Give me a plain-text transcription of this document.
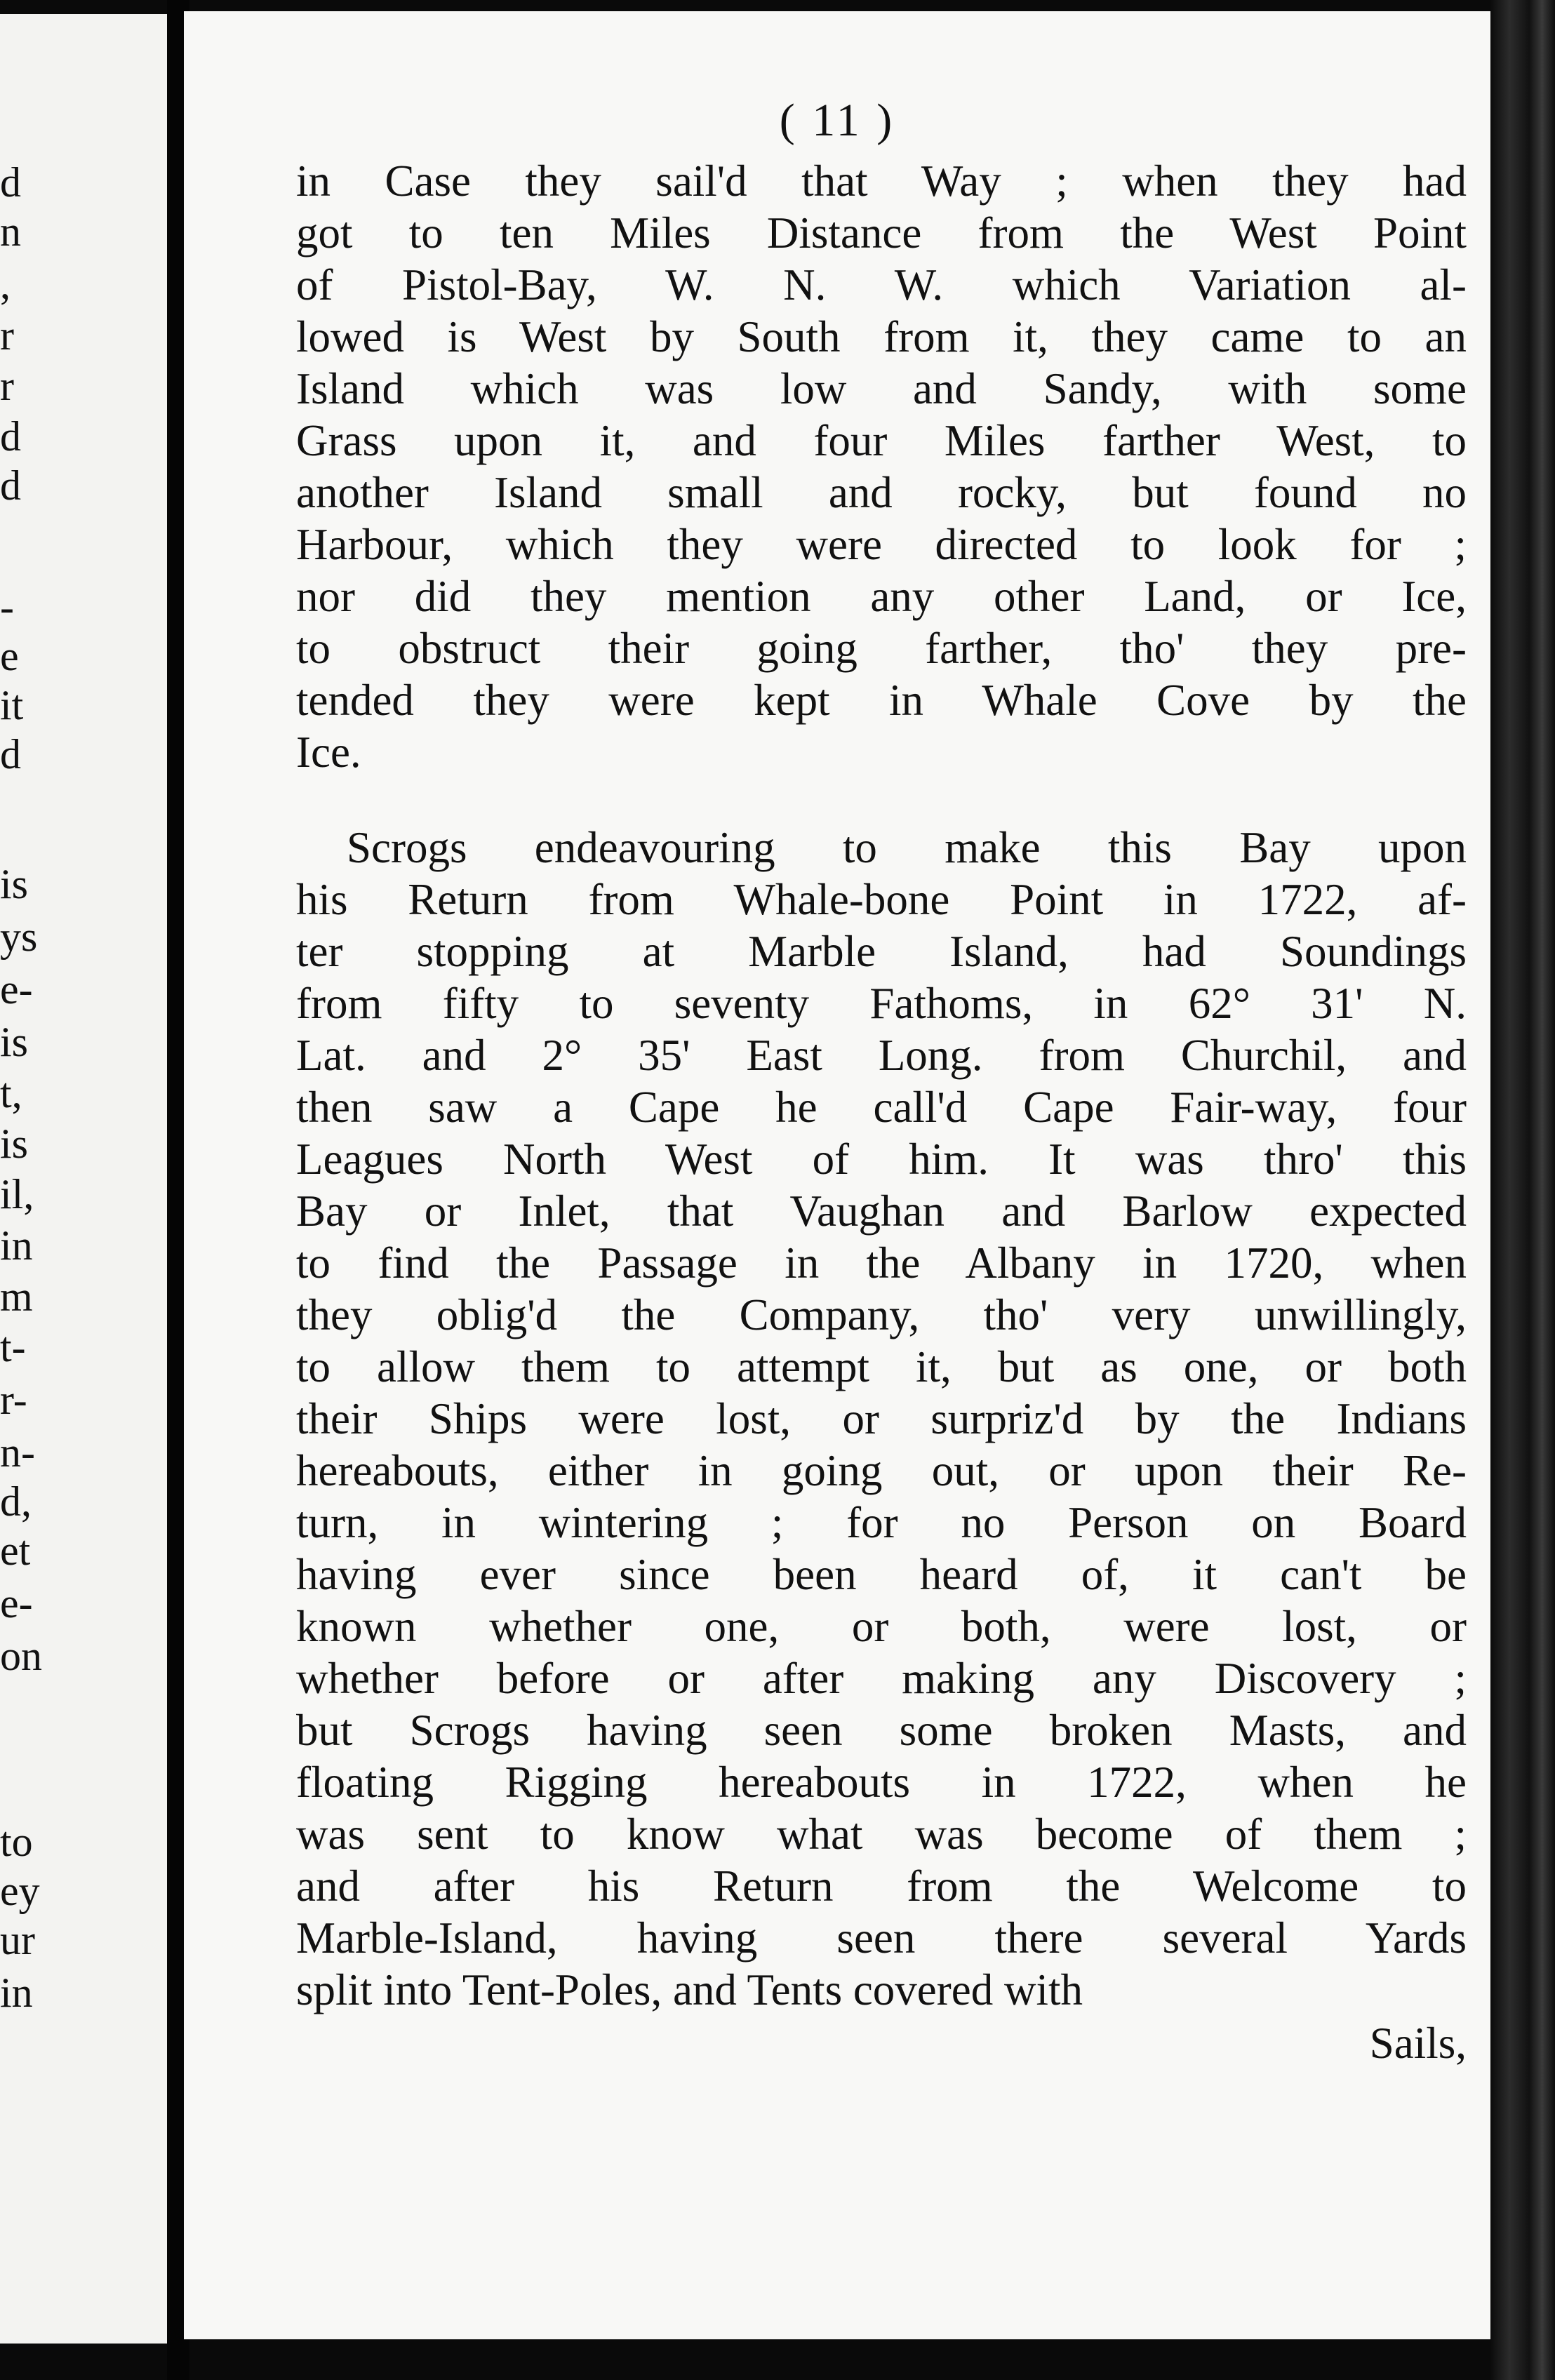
d
n
,
r
r
d
d
-
e
it
d
is
ys
e-
is
t,
is
il,
in
m
t-
r-
n-
d,
et
e-
on
to
ey
ur
in
( 11 )
in Case they sail'd that Way ; when they had
got to ten Miles Distance from the West Point
of Pistol-Bay, W. N. W. which Variation al-
lowed is West by South from it, they came to an
Island which was low and Sandy, with some
Grass upon it, and four Miles farther West, to
another Island small and rocky, but found no
Harbour, which they were directed to look for ;
nor did they mention any other Land, or Ice,
to obstruct their going farther, tho' they pre-
tended they were kept in Whale Cove by the
Ice.
Scrogs endeavouring to make this Bay upon
his Return from Whale-bone Point in 1722, af-
ter stopping at Marble Island, had Soundings
from fifty to seventy Fathoms, in 62° 31' N.
Lat. and 2° 35' East Long. from Churchil, and
then saw a Cape he call'd Cape Fair-way, four
Leagues North West of him. It was thro' this
Bay or Inlet, that Vaughan and Barlow expected
to find the Passage in the Albany in 1720, when
they oblig'd the Company, tho' very unwillingly,
to allow them to attempt it, but as one, or both
their Ships were lost, or surpriz'd by the Indians
hereabouts, either in going out, or upon their Re-
turn, in wintering ; for no Person on Board
having ever since been heard of, it can't be
known whether one, or both, were lost, or
whether before or after making any Discovery ;
but Scrogs having seen some broken Masts, and
floating Rigging hereabouts in 1722, when he
was sent to know what was become of them ;
and after his Return from the Welcome to
Marble-Island, having seen there several Yards
split into Tent-Poles, and Tents covered with
Sails,
